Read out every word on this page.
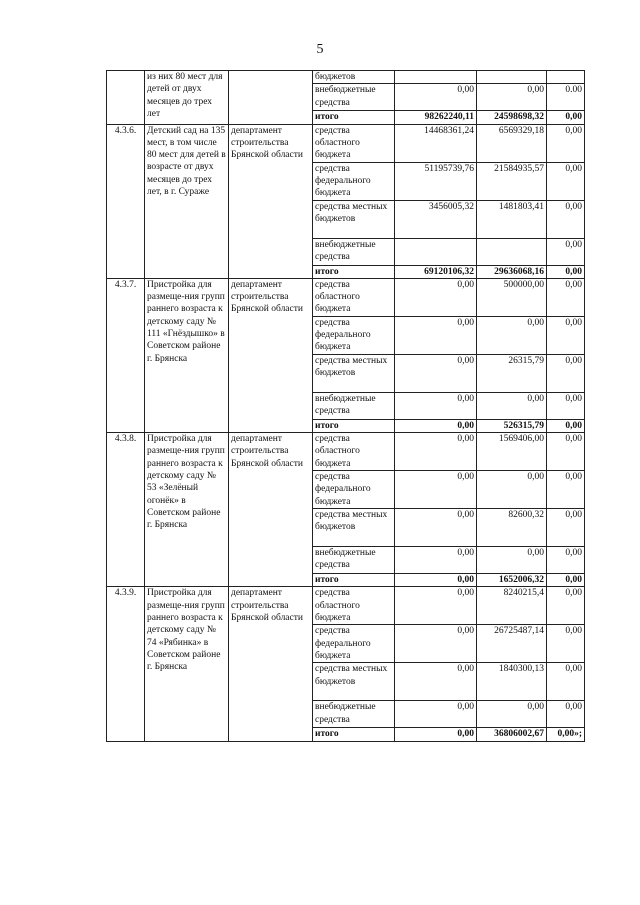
5
	из них 80 мест для детей от двух месяцев до трех лет		бюджетов			
			внебюджетные средства	0,00	0,00	0.00
			итого	98262240,11	24598698,32	0,00
4.3.6.	Детский сад на 135 мест, в том числе 80 мест для детей в возрасте от двух месяцев до трех лет, в г. Сураже	департамент строительства Брянской области	средства областного бюджета	14468361,24	6569329,18	0,00
			средства федерального бюджета	51195739,76	21584935,57	0,00
			средства местных бюджетов	3456005,32	1481803,41	0,00
			внебюджетные средства			0,00
			итого	69120106,32	29636068,16	0,00
4.3.7.	Пристройка для размеще-ния групп раннего возраста к детскому саду № 111 «Гнёздышко» в Советском районе г. Брянска	департамент строительства Брянской области	средства областного бюджета	0,00	500000,00	0,00
			средства федерального бюджета	0,00	0,00	0,00
			средства местных бюджетов	0,00	26315,79	0,00
			внебюджетные средства	0,00	0,00	0,00
			итого	0,00	526315,79	0,00
4.3.8.	Пристройка для размеще-ния групп раннего возраста к детскому саду № 53 «Зелёный огонёк» в Советском районе г. Брянска	департамент строительства Брянской области	средства областного бюджета	0,00	1569406,00	0,00
			средства федерального бюджета	0,00	0,00	0,00
			средства местных бюджетов	0,00	82600,32	0,00
			внебюджетные средства	0,00	0,00	0,00
			итого	0,00	1652006,32	0,00
4.3.9.	Пристройка для размеще-ния групп раннего возраста к детскому саду № 74 «Рябинка» в Советском районе г. Брянска	департамент строительства Брянской области	средства областного бюджета	0,00	8240215,4	0,00
			средства федерального бюджета	0,00	26725487,14	0,00
			средства местных бюджетов	0,00	1840300,13	0,00
			внебюджетные средства	0,00	0,00	0,00
			итого	0,00	36806002,67	0,00»;
